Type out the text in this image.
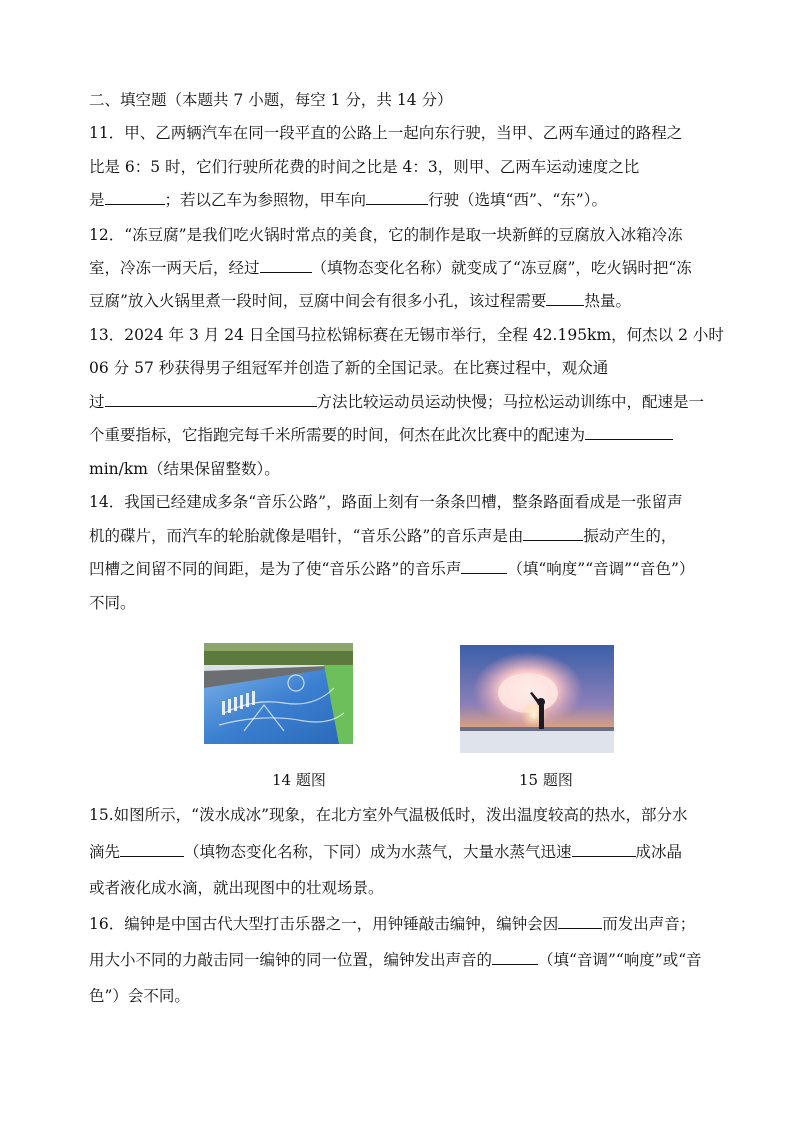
二、填空题（本题共 7 小题，每空 1 分，共 14 分）
11．甲、乙两辆汽车在同一段平直的公路上一起向东行驶，当甲、乙两车通过的路程之
比是 6：5 时，它们行驶所花费的时间之比是 4：3，则甲、乙两车运动速度之比
是	；若以乙车为参照物，甲车向	行驶（选填“西”、“东”）。
12．“冻豆腐”是我们吃火锅时常点的美食，它的制作是取一块新鲜的豆腐放入冰箱冷冻
室，冷冻一两天后，经过	（填物态变化名称）就变成了“冻豆腐”，吃火锅时把“冻
豆腐”放入火锅里煮一段时间，豆腐中间会有很多小孔，该过程需要 热量。
13．2024 年 3 月 24 日全国马拉松锦标赛在无锡市举行，全程 42.195km，何杰以 2 小时
06 分 57 秒获得男子组冠军并创造了新的全国记录。在比赛过程中，观众通
过	方法比较运动员运动快慢；马拉松运动训练中，配速是一
个重要指标，它指跑完每千米所需要的时间，何杰在此次比赛中的配速为
min/km（结果保留整数）。
14．我国已经建成多条“音乐公路”，路面上刻有一条条凹槽，整条路面看成是一张留声
机的碟片，而汽车的轮胎就像是唱针，“音乐公路”的音乐声是由	振动产生的，
凹槽之间留不同的间距，是为了使“音乐公路”的音乐声	（填“响度”“音调”“音色”）
不同。
14 题图	15 题图
15.如图所示，“泼水成冰”现象，在北方室外气温极低时，泼出温度较高的热水，部分水
滴先	（填物态变化名称，下同）成为水蒸气，大量水蒸气迅速	成冰晶
或者液化成水滴，就出现图中的壮观场景。
16．编钟是中国古代大型打击乐器之一，用钟锤敲击编钟，编钟会因	而发出声音；
用大小不同的力敲击同一编钟的同一位置，编钟发出声音的	（填“音调”“响度”或“音
色”）会不同。
